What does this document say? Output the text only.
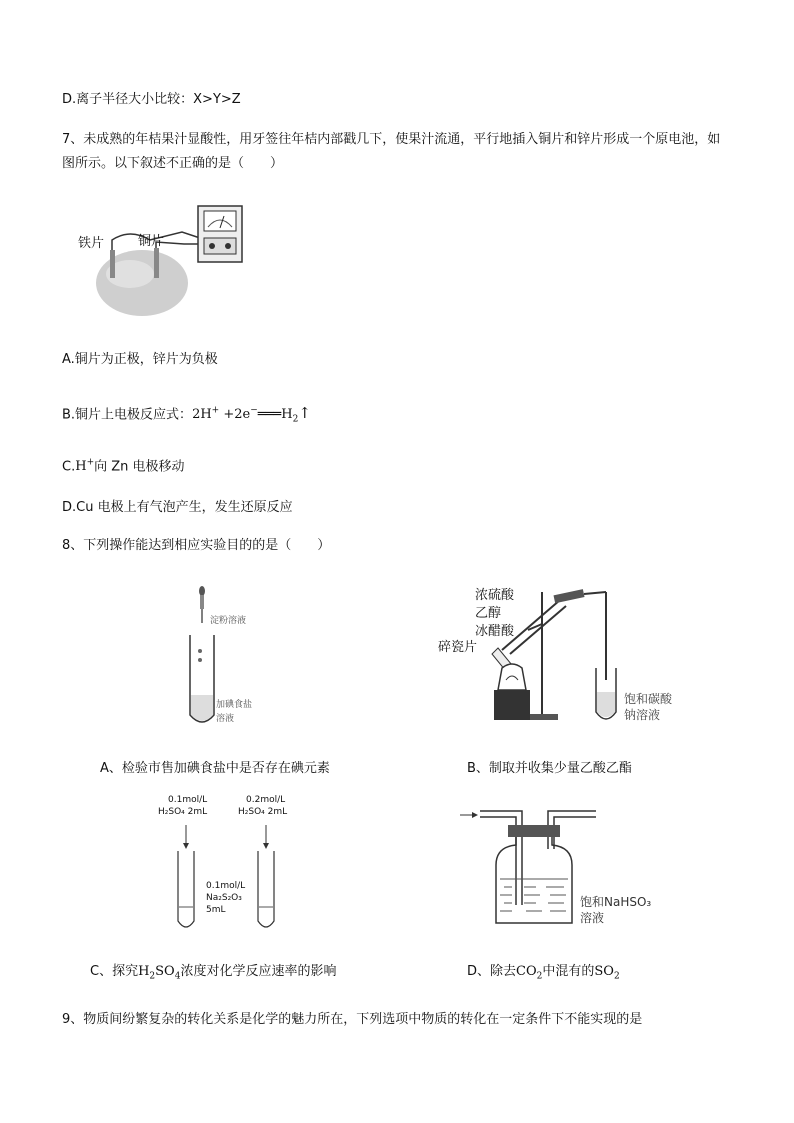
D.离子半径大小比较：X>Y>Z
7、未成熟的年桔果汁显酸性，用牙签往年桔内部戳几下，使果汁流通，平行地插入铜片和锌片形成一个原电池，如图所示。以下叙述不正确的是（　　）
铁片	铜片
A.铜片为正极，锌片为负极
B.铜片上电极反应式：$2H^+ +2e^-═══H_2↑$
C.H+向 Zn 电极移动
D.Cu 电极上有气泡产生，发生还原反应
8、下列操作能达到相应实验目的的是（　　）
淀粉溶液
加碘食盐
溶液
A、检验市售加碘食盐中是否存在碘元素
浓硫酸
乙醇
冰醋酸
碎瓷片
饱和碳酸
钠溶液
B、制取并收集少量乙酸乙酯
0.1mol/L
H₂SO₄ 2mL
0.2mol/L
H₂SO₄ 2mL
0.1mol/L
Na₂S₂O₃
5mL
C、探究$H_2SO_4$浓度对化学反应速率的影响
饱和NaHSO₃
溶液
D、除去$CO_2$中混有的$SO_2$
9、物质间纷繁复杂的转化关系是化学的魅力所在，下列选项中物质的转化在一定条件下不能实现的是
